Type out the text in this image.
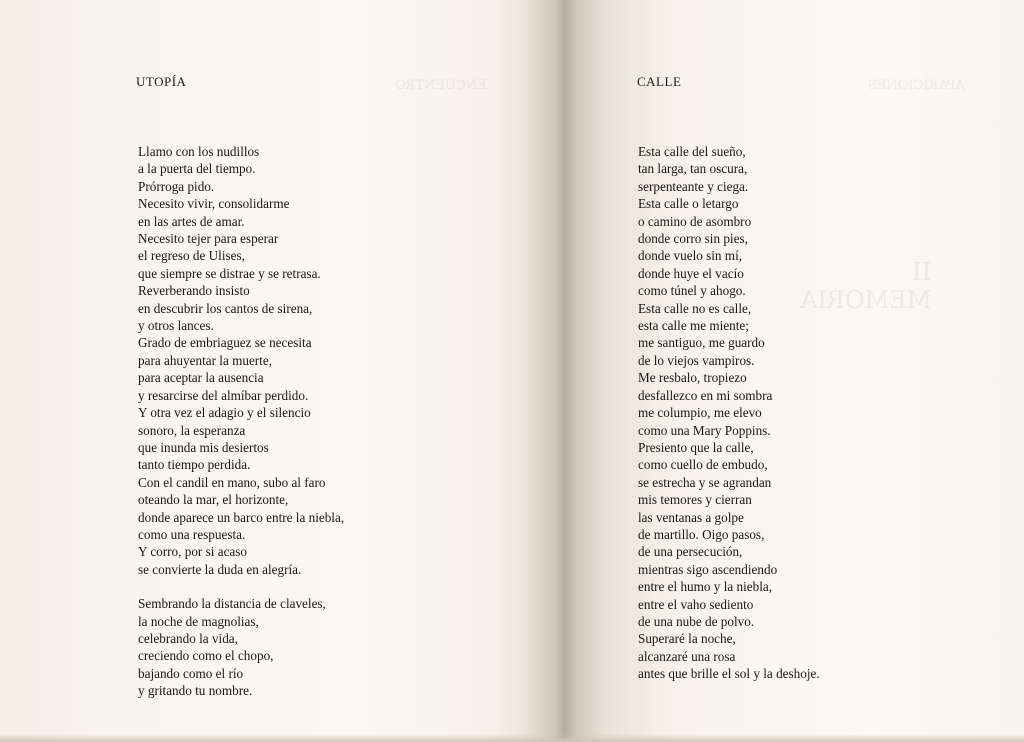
ENCUENTRO	APARICIONES
II
MEMORIA
UTOPÍA
Llamo con los nudillos
a la puerta del tiempo.
Prórroga pido.
Necesito vivir, consolidarme
en las artes de amar.
Necesito tejer para esperar
el regreso de Ulises,
que siempre se distrae y se retrasa.
Reverberando insisto
en descubrir los cantos de sirena,
y otros lances.
Grado de embriaguez se necesita
para ahuyentar la muerte,
para aceptar la ausencia
y resarcirse del almíbar perdido.
Y otra vez el adagio y el silencio
sonoro, la esperanza
que inunda mis desiertos
tanto tiempo perdida.
Con el candil en mano, subo al faro
oteando la mar, el horizonte,
donde aparece un barco entre la niebla,
como una respuesta.
Y corro, por si acaso
se convierte la duda en alegría.
Sembrando la distancia de claveles,
la noche de magnolias,
celebrando la vida,
creciendo como el chopo,
bajando como el río
y gritando tu nombre.
CALLE
Esta calle del sueño,
tan larga, tan oscura,
serpenteante y ciega.
Esta calle o letargo
o camino de asombro
donde corro sin pies,
donde vuelo sin mí,
donde huye el vacío
como túnel y ahogo.
Esta calle no es calle,
esta calle me miente;
me santiguo, me guardo
de lo viejos vampiros.
Me resbalo, tropiezo
desfallezco en mi sombra
me columpio, me elevo
como una Mary Poppins.
Presiento que la calle,
como cuello de embudo,
se estrecha y se agrandan
mis temores y cierran
las ventanas a golpe
de martillo. Oigo pasos,
de una persecución,
mientras sigo ascendiendo
entre el humo y la niebla,
entre el vaho sediento
de una nube de polvo.
Superaré la noche,
alcanzaré una rosa
antes que brille el sol y la deshoje.
